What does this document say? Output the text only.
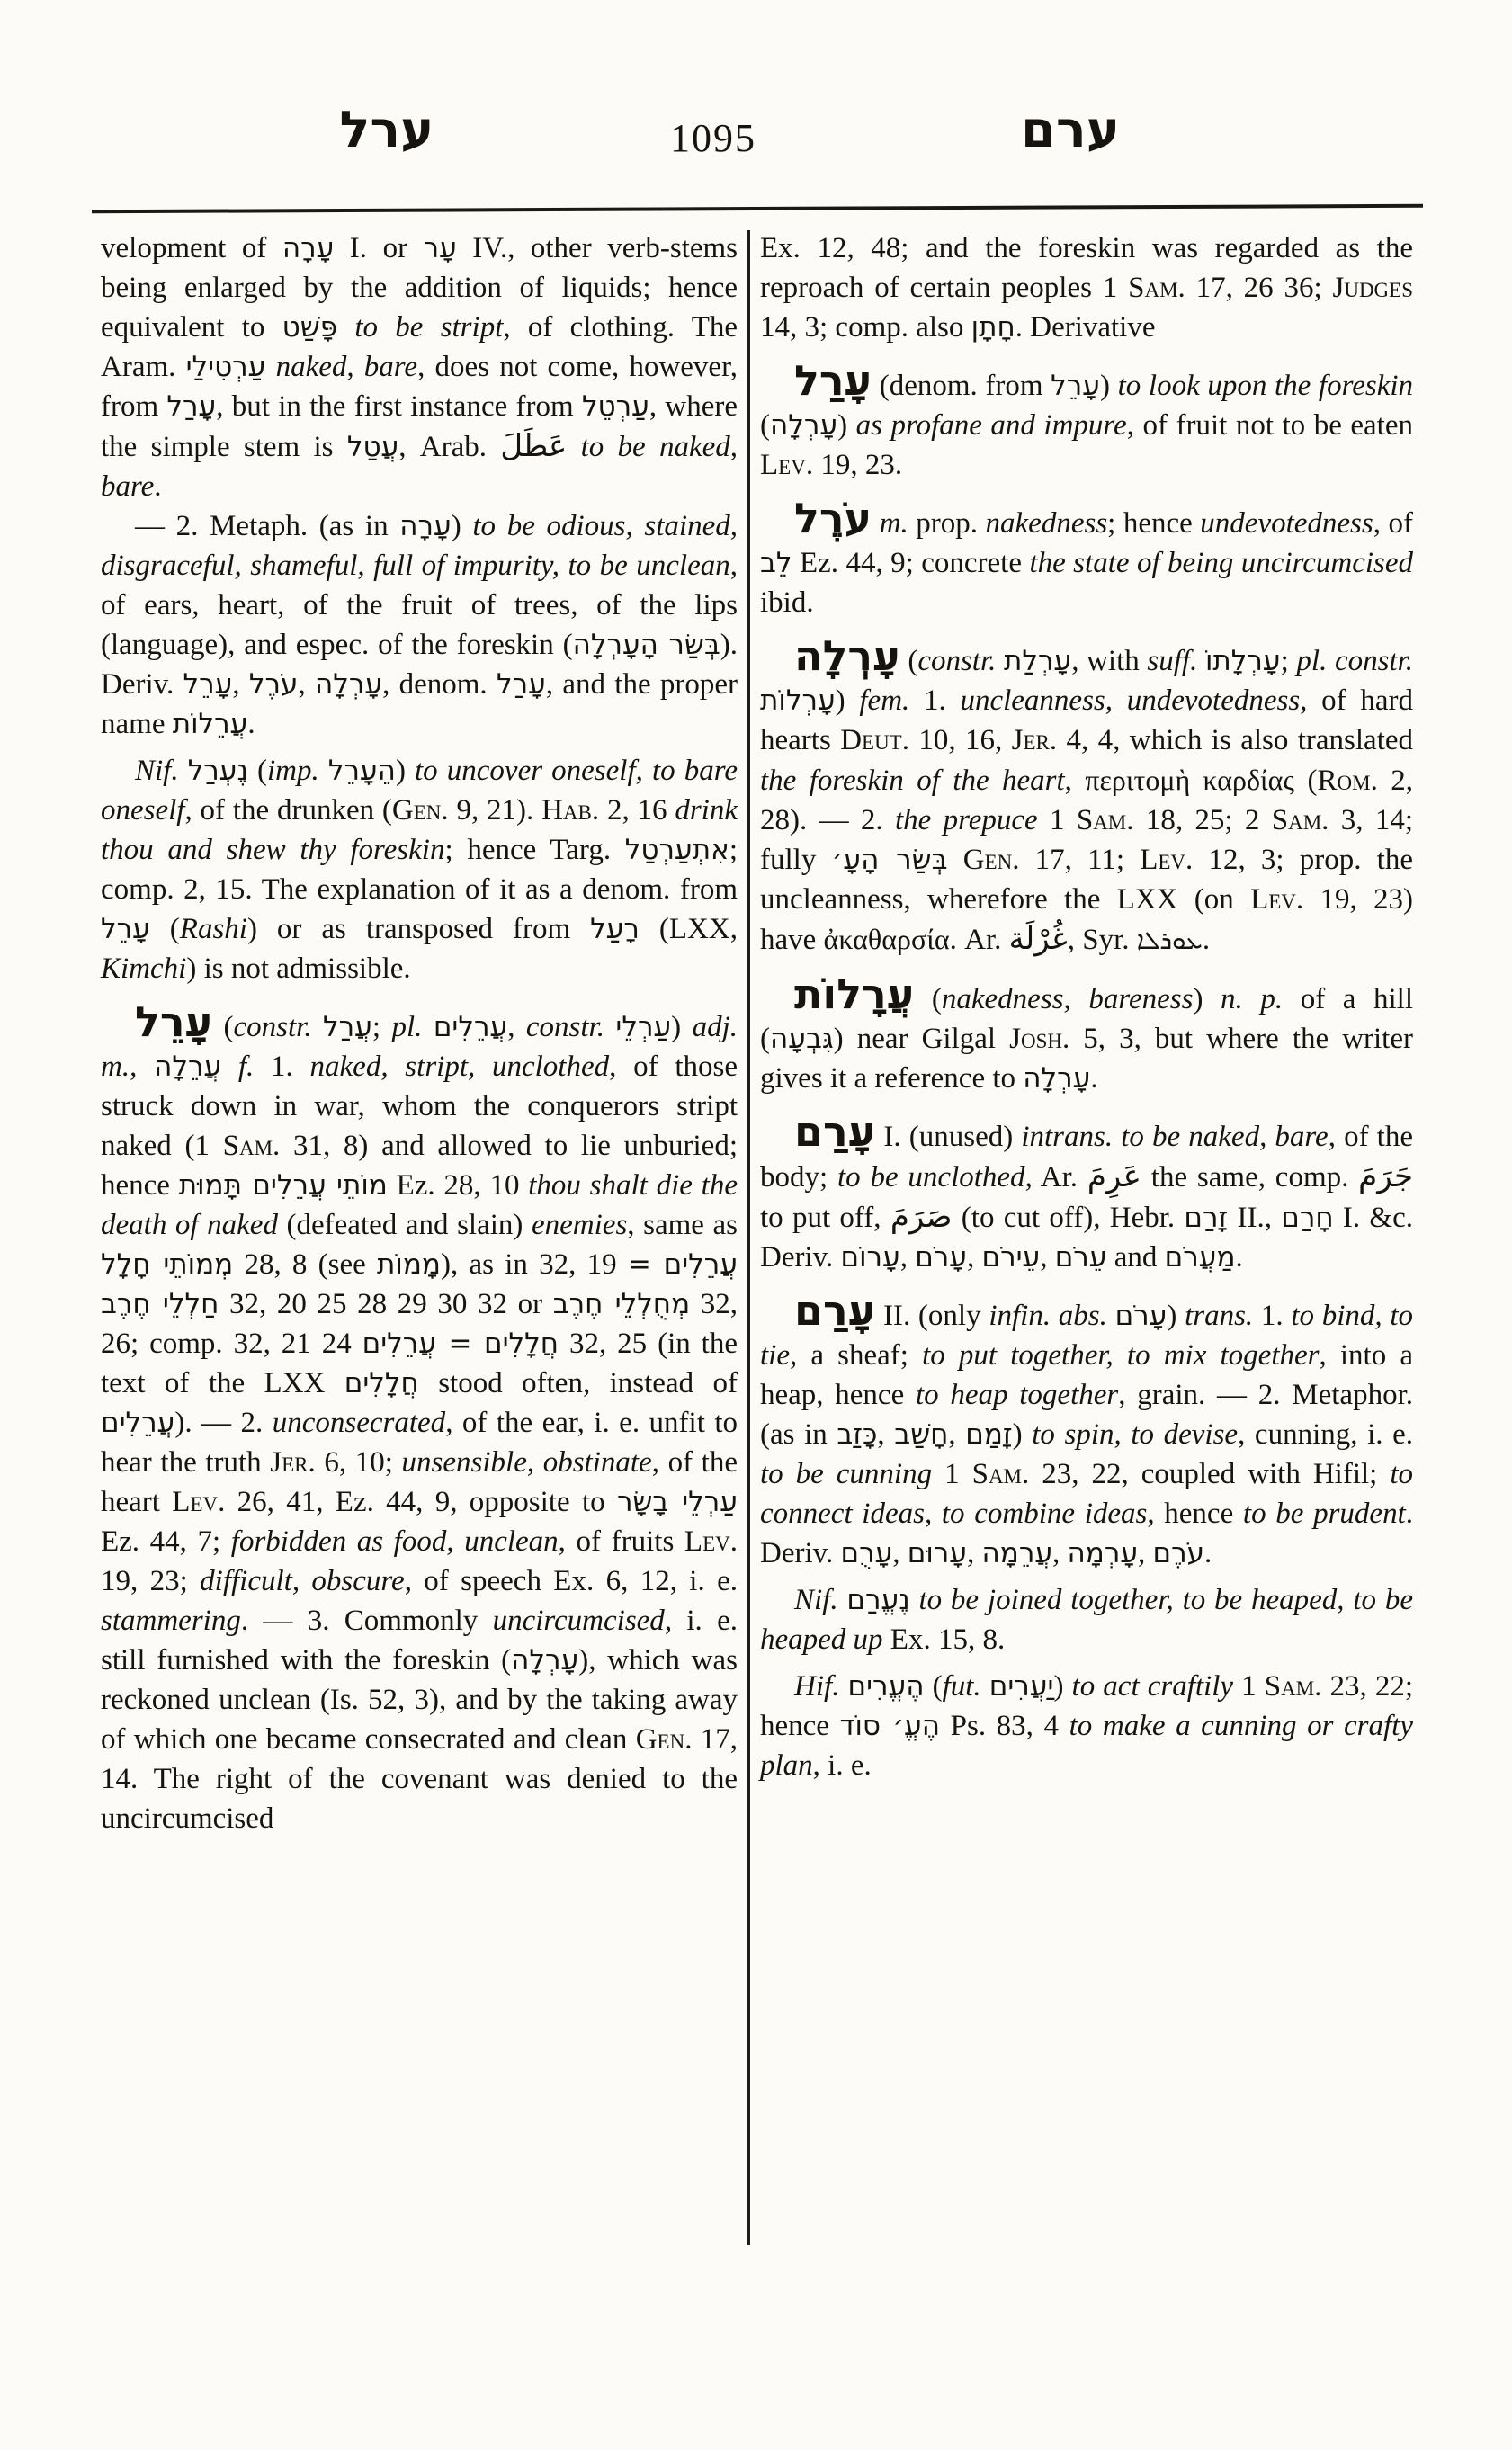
ערל	1095	ערם

velopment of עָרָה I. or עָר IV., other verb-stems being enlarged by the addition of liquids; hence equivalent to פָּשַׁט to be stript, of clothing. The Aram. עַרְטִילַי naked, bare, does not come, however, from עָרַל, but in the first instance from עַרְטֵל, where the simple stem is עֲטַל, Arab. عَطَلَ to be naked, bare.

— 2. Metaph. (as in עָרָה) to be odious, stained, disgraceful, shameful, full of impurity, to be unclean, of ears, heart, of the fruit of trees, of the lips (language), and espec. of the foreskin (בְּשַׂר הָעָרְלָה). Deriv. עָרֵל, עֹרֶל, עָרְלָה, denom. עָרַל, and the proper name עֲרֵלוֹת.

Nif. נֶעְרַל (imp. הֵעָרֵל) to uncover oneself, to bare oneself, of the drunken (Gen. 9, 21). Hab. 2, 16 drink thou and shew thy foreskin; hence Targ. אִתְעַרְטַל; comp. 2, 15. The explanation of it as a denom. from עָרֵל (Rashi) or as transposed from רָעַל (LXX, Kimchi) is not admissible.

עָרֵל (constr. עֲרַל; pl. עֲרֵלִים, constr. עַרְלֵי) adj. m., עֲרֵלָה f. 1. naked, stript, unclothed, of those struck down in war, whom the conquerors stript naked (1 Sam. 31, 8) and allowed to lie unburied; hence מוֹתֵי עֲרֵלִים תָּמוּת Ez. 28, 10 thou shalt die the death of naked (defeated and slain) enemies, same as מְמוֹתֵי חָלָל 28, 8 (see מָמוֹת), as in 32, 19 עֲרֵלִים = חַלְלֵי חֶרֶב 32, 20 25 28 29 30 32 or מְחֻלְלֵי חֶרֶב 32, 26; comp. 32, 21 24 חֲלָלִים = עֲרֵלִים 32, 25 (in the text of the LXX חֲלָלִים stood often, instead of עֲרֵלִים). — 2. unconsecrated, of the ear, i. e. unfit to hear the truth Jer. 6, 10; unsensible, obstinate, of the heart Lev. 26, 41, Ez. 44, 9, opposite to עַרְלֵי בָשָׂר Ez. 44, 7; forbidden as food, unclean, of fruits Lev. 19, 23; difficult, obscure, of speech Ex. 6, 12, i. e. stammering. — 3. Commonly uncircumcised, i. e. still furnished with the foreskin (עָרְלָה), which was reckoned unclean (Is. 52, 3), and by the taking away of which one became consecrated and clean Gen. 17, 14. The right of the covenant was denied to the uncircumcised

Ex. 12, 48; and the foreskin was regarded as the reproach of certain peoples 1 Sam. 17, 26 36; Judges 14, 3; comp. also חָתָן. Derivative

עָרַל (denom. from עָרֵל) to look upon the foreskin (עָרְלָה) as profane and impure, of fruit not to be eaten Lev. 19, 23.

עֹרֶל m. prop. nakedness; hence undevotedness, of לֵב Ez. 44, 9; concrete the state of being uncircumcised ibid.

עָרְלָה (constr. עָרְלַת, with suff. עָרְלָתוֹ; pl. constr. עָרְלוֹת) fem. 1. uncleanness, undevotedness, of hard hearts Deut. 10, 16, Jer. 4, 4, which is also translated the foreskin of the heart, περιτομὴ καρδίας (Rom. 2, 28). — 2. the prepuce 1 Sam. 18, 25; 2 Sam. 3, 14; fully בְּשַׂר הָעָ׳ Gen. 17, 11; Lev. 12, 3; prop. the uncleanness, wherefore the LXX (on Lev. 19, 23) have ἀκαθαρσία. Ar. غُرْلَة, Syr. ܥܘܪܠܐ.

עֲרָלוֹת (nakedness, bareness) n. p. of a hill (גִּבְעָה) near Gilgal Josh. 5, 3, but where the writer gives it a reference to עָרְלָה.

עָרַם I. (unused) intrans. to be naked, bare, of the body; to be unclothed, Ar. عَرِمَ the same, comp. جَرَمَ to put off, صَرَمَ (to cut off), Hebr. זָרַם II., חָרַם I. &c. Deriv. עָרוֹם, עָרֹם, עֵירֹם, עֵרֹם and מַעֲרֹם.

עָרַם II. (only infin. abs. עָרֹם) trans. 1. to bind, to tie, a sheaf; to put together, to mix together, into a heap, hence to heap together, grain. — 2. Metaphor. (as in כָּזַב, חָשַׁב, זָמַם) to spin, to devise, cunning, i. e. to be cunning 1 Sam. 23, 22, coupled with Hifil; to connect ideas, to combine ideas, hence to be prudent. Deriv. עָרֻם, עָרוּם, עֲרֵמָה, עָרְמָה, עֹרֶם.

Nif. נֶעֱרַם to be joined together, to be heaped, to be heaped up Ex. 15, 8.

Hif. הֶעֱרִים (fut. יַעֲרִים) to act craftily 1 Sam. 23, 22; hence הֶעֱ׳ סוֹד Ps. 83, 4 to make a cunning or crafty plan, i. e.
